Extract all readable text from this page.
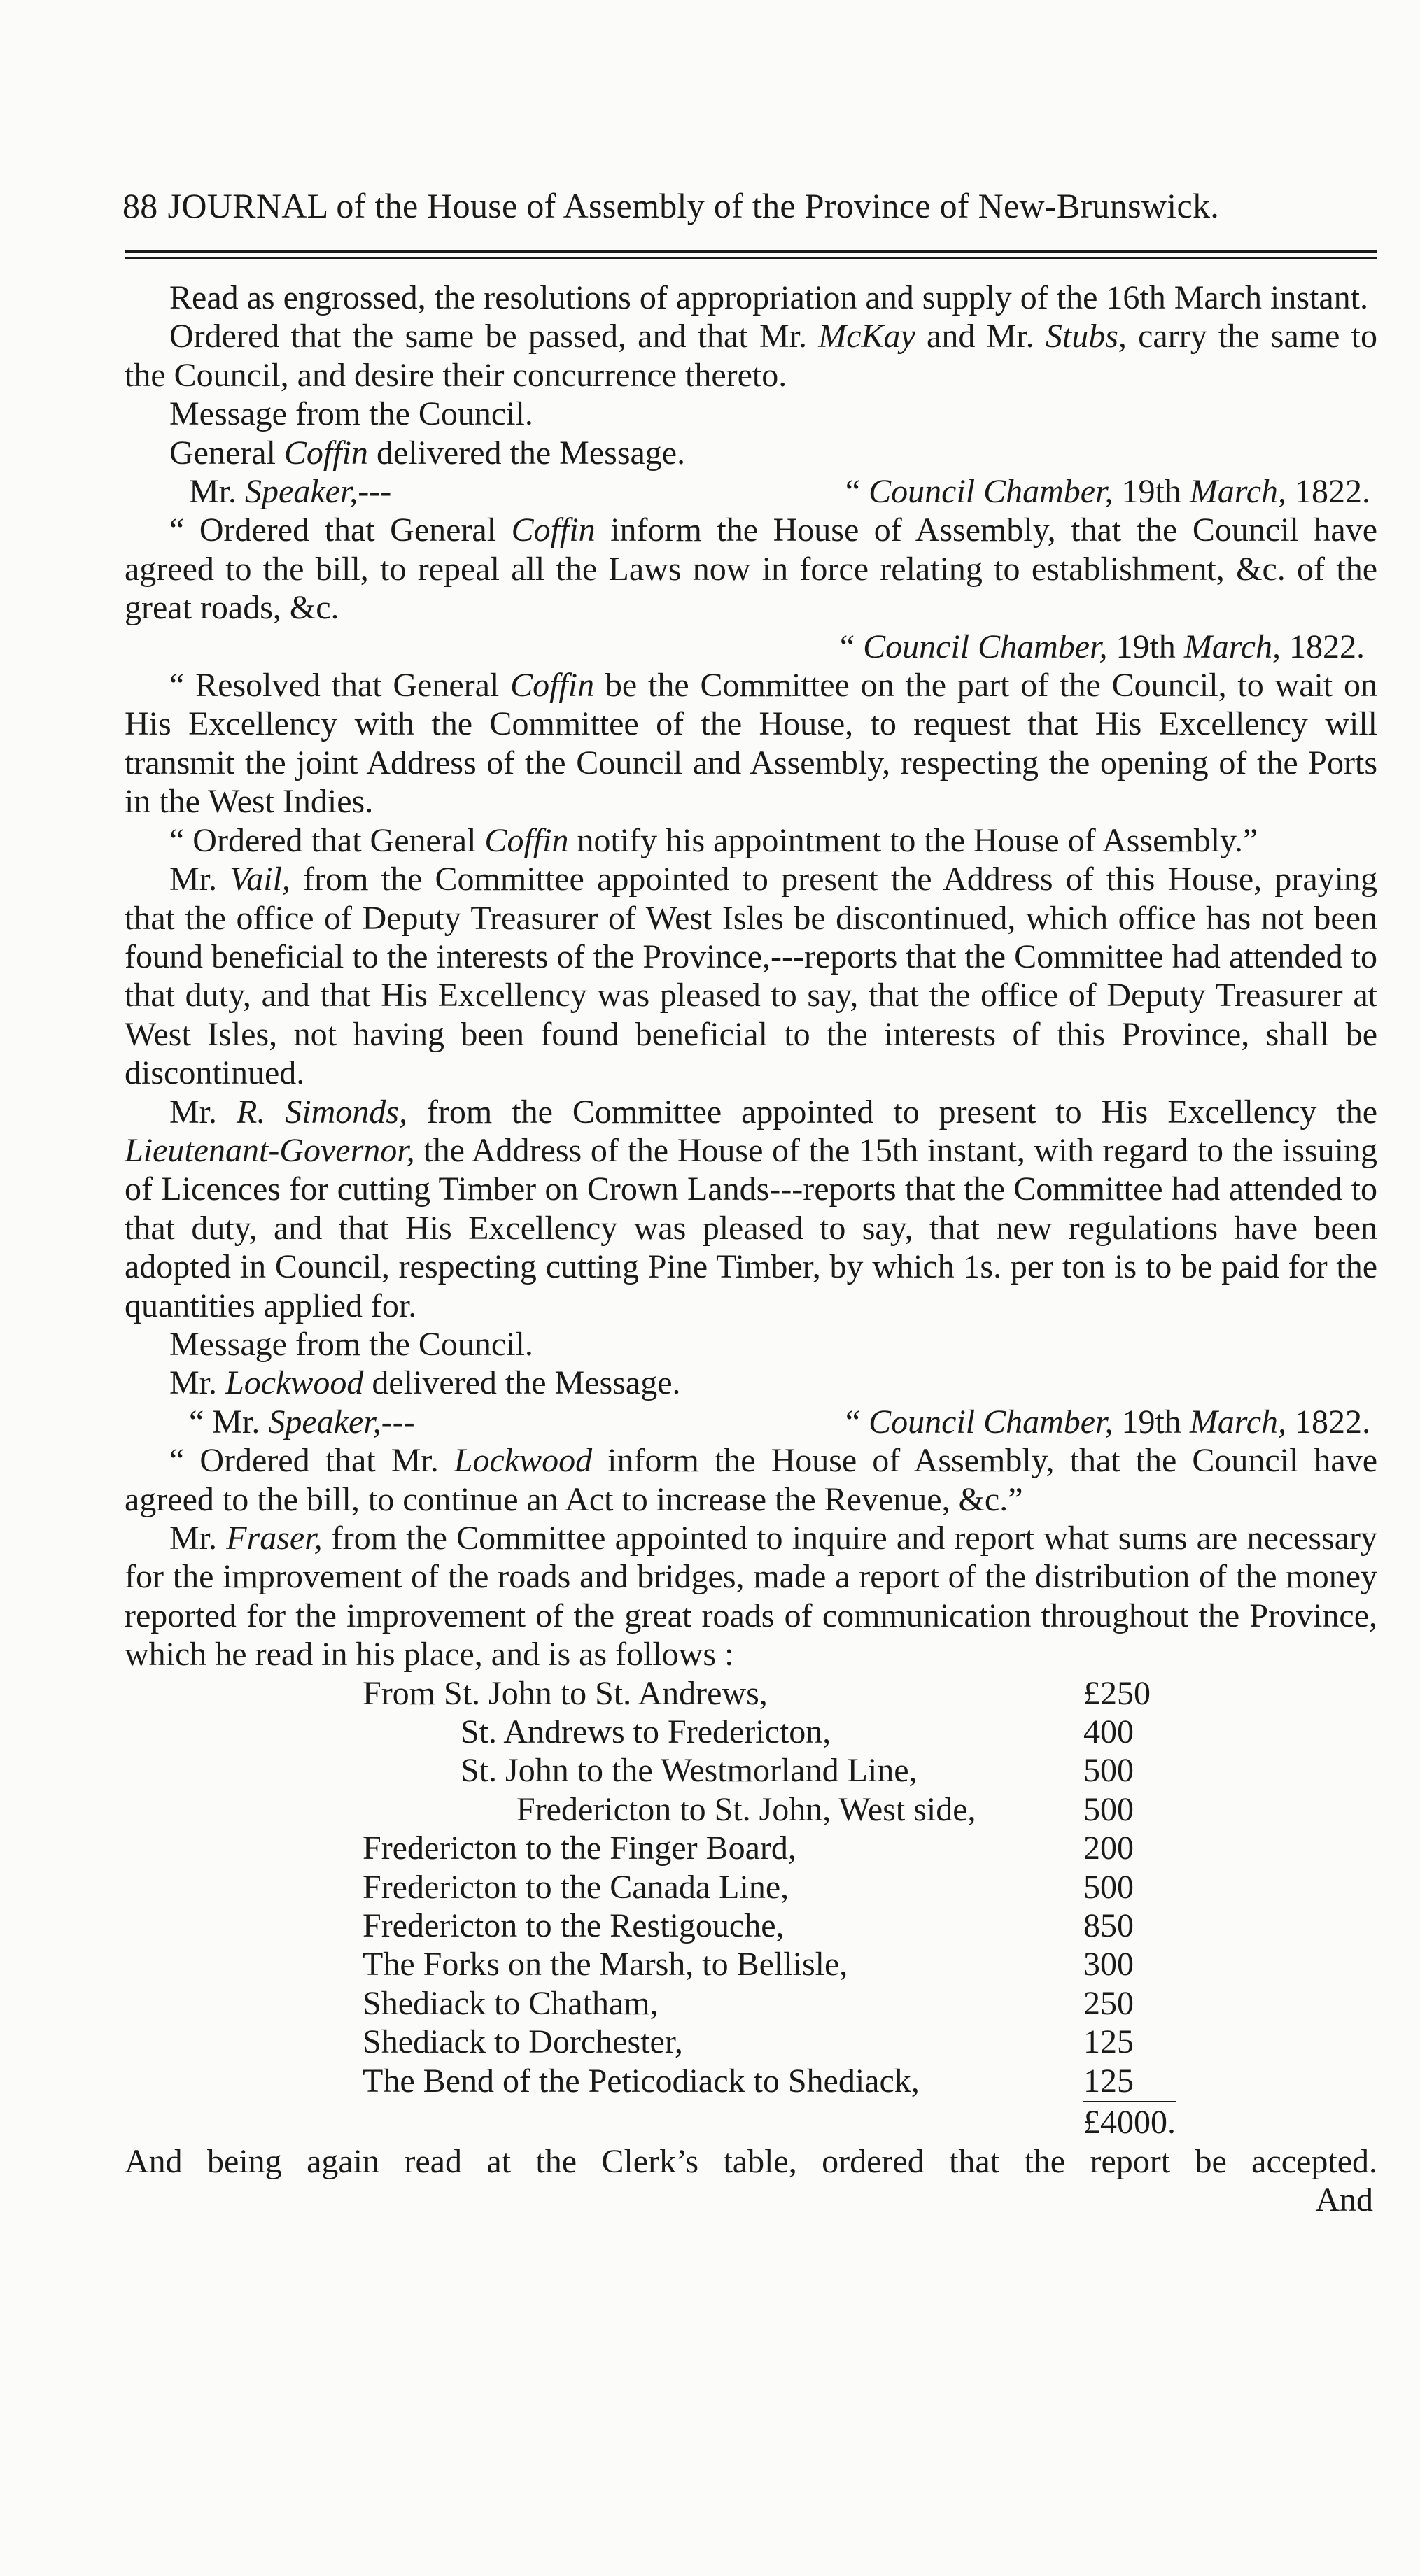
88 JOURNAL of the House of Assembly of the Province of New-Brunswick.

Read as engrossed, the resolutions of appropriation and supply of the 16th March instant.

Ordered that the same be passed, and that Mr. McKay and Mr. Stubs, carry the same to the Council, and desire their concurrence thereto.

Message from the Council.

General Coffin delivered the Message.

Mr. Speaker,---	“ Council Chamber, 19th March, 1822.

“ Ordered that General Coffin inform the House of Assembly, that the Council have agreed to the bill, to repeal all the Laws now in force relating to establishment, &c. of the great roads, &c.

“ Council Chamber, 19th March, 1822.

“ Resolved that General Coffin be the Committee on the part of the Council, to wait on His Excellency with the Committee of the House, to request that His Excellency will transmit the joint Address of the Council and Assembly, respecting the opening of the Ports in the West Indies.

“ Ordered that General Coffin notify his appointment to the House of Assembly.”

Mr. Vail, from the Committee appointed to present the Address of this House, praying that the office of Deputy Treasurer of West Isles be discontinued, which office has not been found beneficial to the interests of the Province,---reports that the Committee had attended to that duty, and that His Excellency was pleased to say, that the office of Deputy Treasurer at West Isles, not having been found beneficial to the interests of this Province, shall be discontinued.

Mr. R. Simonds, from the Committee appointed to present to His Excellency the Lieutenant-Governor, the Address of the House of the 15th instant, with regard to the issuing of Licences for cutting Timber on Crown Lands---reports that the Committee had attended to that duty, and that His Excellency was pleased to say, that new regulations have been adopted in Council, respecting cutting Pine Timber, by which 1s. per ton is to be paid for the quantities applied for.

Message from the Council.

Mr. Lockwood delivered the Message.

“ Mr. Speaker,---	“ Council Chamber, 19th March, 1822.

“ Ordered that Mr. Lockwood inform the House of Assembly, that the Council have agreed to the bill, to continue an Act to increase the Revenue, &c.”

Mr. Fraser, from the Committee appointed to inquire and report what sums are necessary for the improvement of the roads and bridges, made a report of the distribution of the money reported for the improvement of the great roads of communication throughout the Province, which he read in his place, and is as follows :

From St. John to St. Andrews,	£250
St. Andrews to Fredericton,	400
St. John to the Westmorland Line,	500
Fredericton to St. John, West side,	500
Fredericton to the Finger Board,	200
Fredericton to the Canada Line,	500
Fredericton to the Restigouche,	850
The Forks on the Marsh, to Bellisle,	300
Shediack to Chatham,	250
Shediack to Dorchester,	125
The Bend of the Peticodiack to Shediack,	125
	£4000.

And being again read at the Clerk’s table, ordered that the report be accepted.

And
